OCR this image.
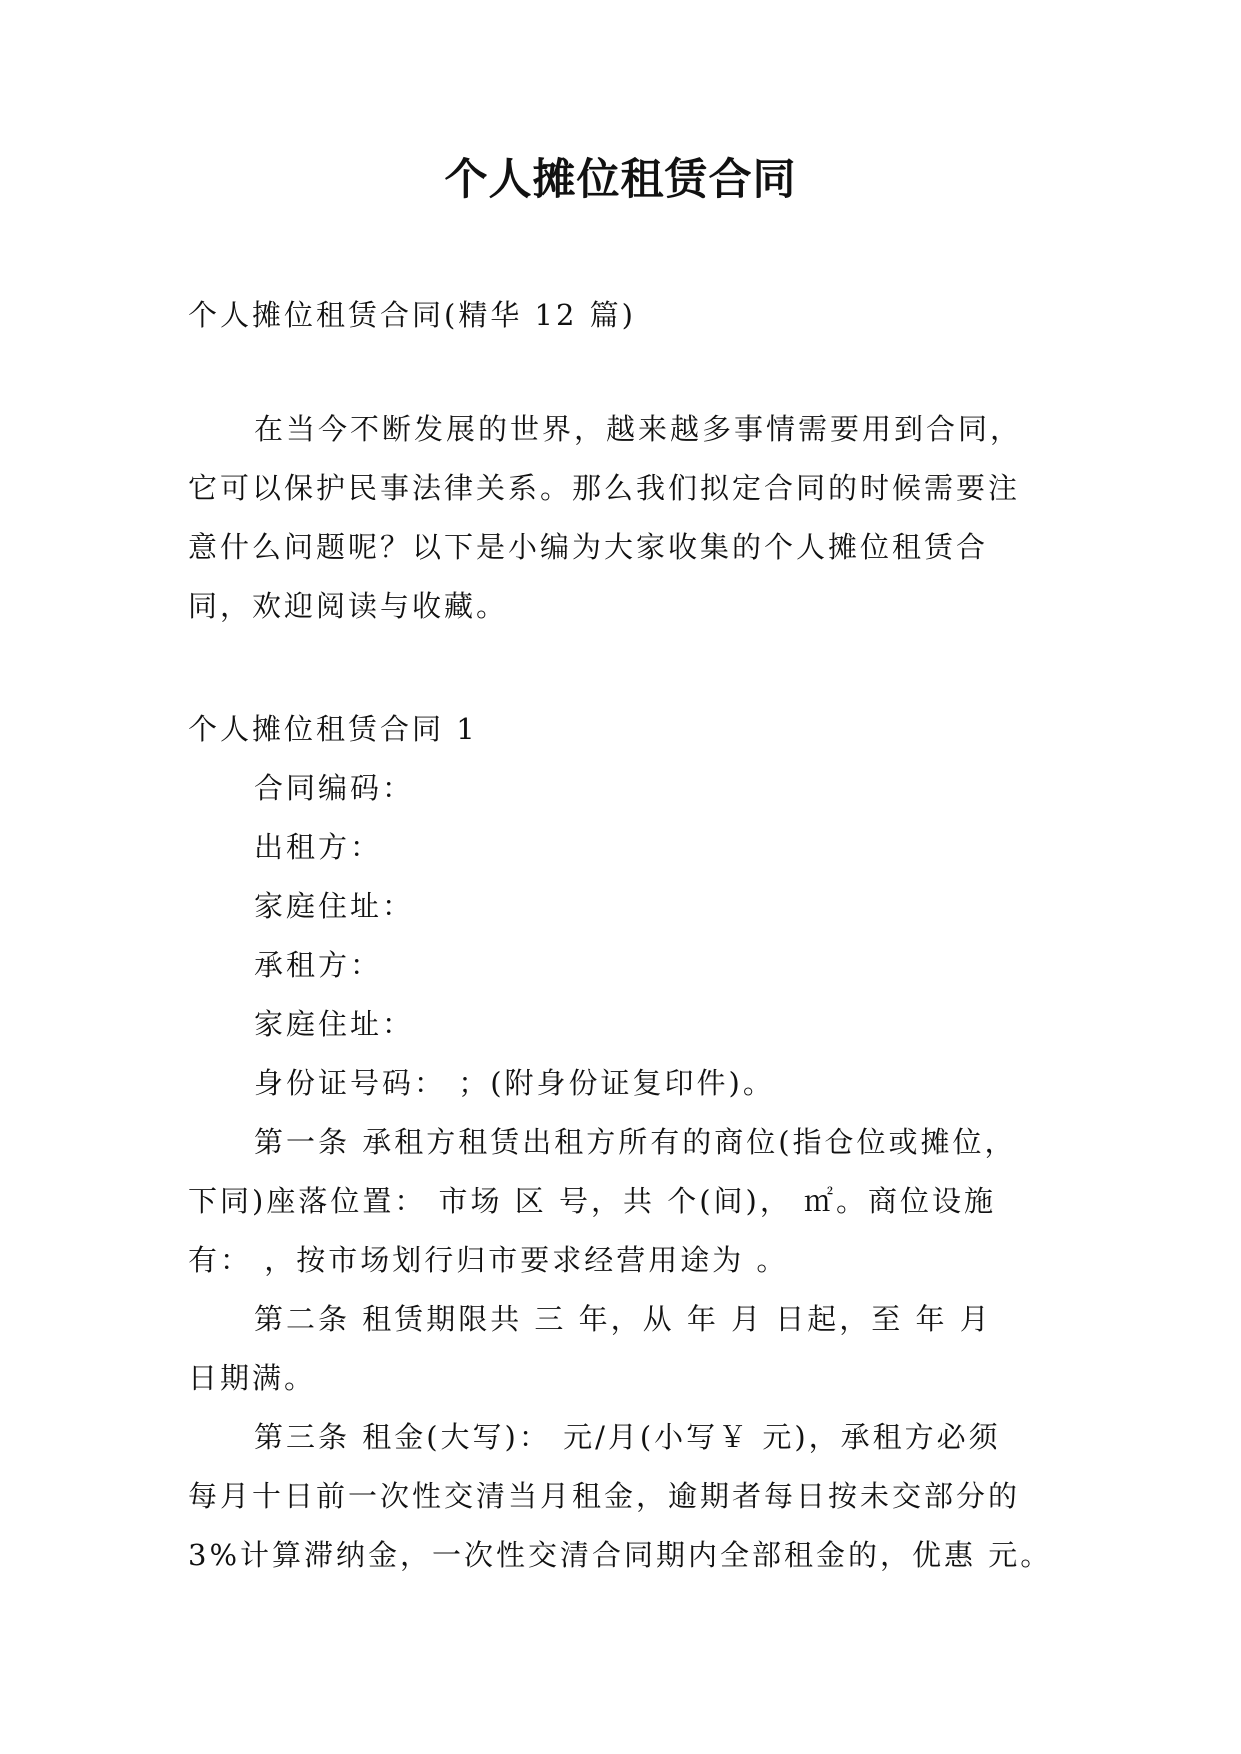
个人摊位租赁合同
个人摊位租赁合同(精华 12 篇)
在当今不断发展的世界，越来越多事情需要用到合同，
它可以保护民事法律关系。那么我们拟定合同的时候需要注
意什么问题呢？以下是小编为大家收集的个人摊位租赁合
同，欢迎阅读与收藏。
个人摊位租赁合同 1
合同编码：
出租方：
家庭住址：
承租方：
家庭住址：
身份证号码： ；(附身份证复印件)。
第一条 承租方租赁出租方所有的商位(指仓位或摊位，
下同)座落位置： 市场 区 号，共 个(间)， ㎡。商位设施
有： ，按市场划行归市要求经营用途为 。
第二条 租赁期限共 三 年，从 年 月 日起，至 年 月
日期满。
第三条 租金(大写)： 元/月(小写￥ 元)，承租方必须
每月十日前一次性交清当月租金，逾期者每日按未交部分的
3%计算滞纳金，一次性交清合同期内全部租金的，优惠 元。
